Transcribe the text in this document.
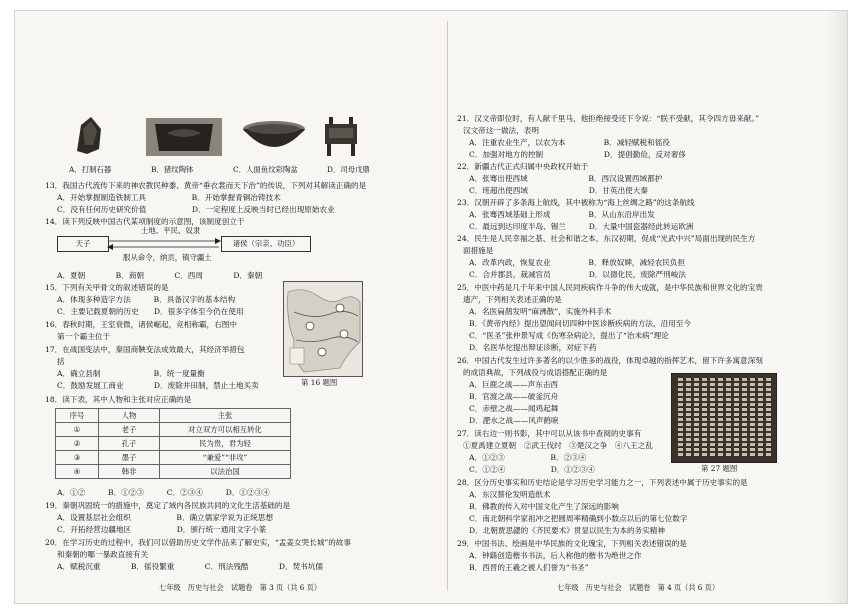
A．打制石器	B．猪纹陶钵	C．人面鱼纹彩陶盆	D．司母戊鼎
13．我国古代流传下来的神农教民种黍、黄帝“垂衣裳而天下治”的传说，下列对其解读正确的是
A．开始掌握制造铁制工具　　　　　　B．开始掌握青铜冶铸技术
C．没有任何历史研究价值　　　　　　D．一定程度上反映当时已经出现原始农业
14．读下列反映中国古代某项制度的示意图，该制度创立于
天子	诸侯（宗亲、功臣）
土地、平民、奴隶
服从命令，纳贡，镇守疆土
A．夏朝　　　　B．商朝　　　　C．西周　　　　D．秦朝
15．下列有关甲骨文的叙述错误的是
A．体现多种造字方法　　　B．具备汉字的基本结构
C．主要记载夏朝的历史　　D．很多字体至今仍在使用
16．春秋时期，王室衰微，诸侯崛起，竞相称霸，右图中
第一个霸主位于
第 16 题图
17．在战国变法中，秦国商鞅变法成效最大，其经济举措包
括
A．确立县制　　　　　　　B．统一度量衡
C．鼓励发展工商业　　　　D．废除井田制，禁止土地买卖
18．读下表，其中人物和主张对应正确的是
序号	人物	主张
①	老子	对立双方可以相互转化
②	孔子	民为贵，君为轻
③	墨子	“兼爱”“非攻”
④	韩非	以法治国
A．①②　　　B．①②③　　　C．②③④　　　D．①②③④
19．秦朝巩固统一的措施中，奠定了域内各民族共同的文化生活基础的是
A．设置基层社会组织　　　　　　B．确立儒家学说为正统思想
C．开拓经营边疆地区　　　　　　D．颁行统一通用文字小篆
20．在学习历史的过程中，我们可以借助历史文学作品来了解史实，“孟姜女哭长城”的故事
和秦朝的哪一暴政直接有关
A．赋税沉重　　　　B．徭役繁重　　　　C．刑法残酷　　　　D．焚书坑儒
七年级　历史与社会　试题卷　第 3 页（共 6 页）
21．汉文帝即位时，有人献千里马，他拒绝接受还下令说：“朕不受献，其令四方毋来献。”
汉文帝这一做法，表明
A．注重农业生产，以农为本　　　　　B．减轻赋税和徭役
C．加强对地方的控制　　　　　　　　D．提倡勤俭，反对奢侈
22．新疆古代正式归属中央政权开始于
A．张骞出使西域　　　　　　　　B．西汉设置西域都护
C．班超出使西域　　　　　　　　D．甘英出使大秦
23．汉朝开辟了多条海上航线，其中被称为“海上丝绸之路”的这条航线
A．张骞西域基础上形成　　　　　B．从山东沿岸出发
C．最远到达印度半岛、锡兰　　　D．大量中国瓷器经此转运欧洲
24．民生是人民幸福之基、社会和谐之本，东汉初期，促成“光武中兴”局面出现的民生方
面措施是
A．改革内政，恢复农业　　　　　B．释放奴婢，减轻农民负担
C．合并郡县，裁减官员　　　　　D．以德化民，废除严刑峻法
25．中医中药是几千年来中国人民同疾病作斗争的伟大成就，是中华民族和世界文化的宝贵
遗产，下列相关表述正确的是
A．名医扁鹊发明“麻沸散”，实施外科手术
B．《黄帝内经》提出望闻问切四种中医诊断疾病的方法，沿用至今
C．“医圣”张仲景写成《伤寒杂病论》，提出了“治未病”理论
D．名医华佗提出辩证诊断，对症下药
26．中国古代发生过许多著名的以少胜多的战役，体现卓越的指挥艺术，留下许多寓意深刻
的成语典故，下列战役与成语搭配正确的是
A．巨鹿之战——声东击西
B．官渡之战——破釜沉舟
C．赤壁之战——闻鸡起舞
D．淝水之战——风声鹤唳
27．读右边一则书影，其中可以从该书中查阅的史事有
①夏禹建立夏朝　②武王伐纣　③楚汉之争　④八王之乱
A．①②③　　　　　　B．②③④
C．①②④　　　　　　D．①②③④	第 27 题图
28．区分历史事实和历史结论是学习历史学习能力之一，下列表述中属于历史事实的是
A．东汉蔡伦发明造纸术
B．佛教的传入对中国文化产生了深远的影响
C．南北朝科学家祖冲之把圆周率精确到小数点以后的第七位数字
D．北朝贾思勰的《齐民要术》贯显以民生为本的务实精神
29．中国书法、绘画是中华民族的文化瑰宝，下列相关表述错误的是
A．钟繇创造楷书书法，后人称他的楷书为绝世之作
B．西晋的王羲之被人们誉为“书圣”
七年级　历史与社会　试题卷　第 4 页（共 6 页）
